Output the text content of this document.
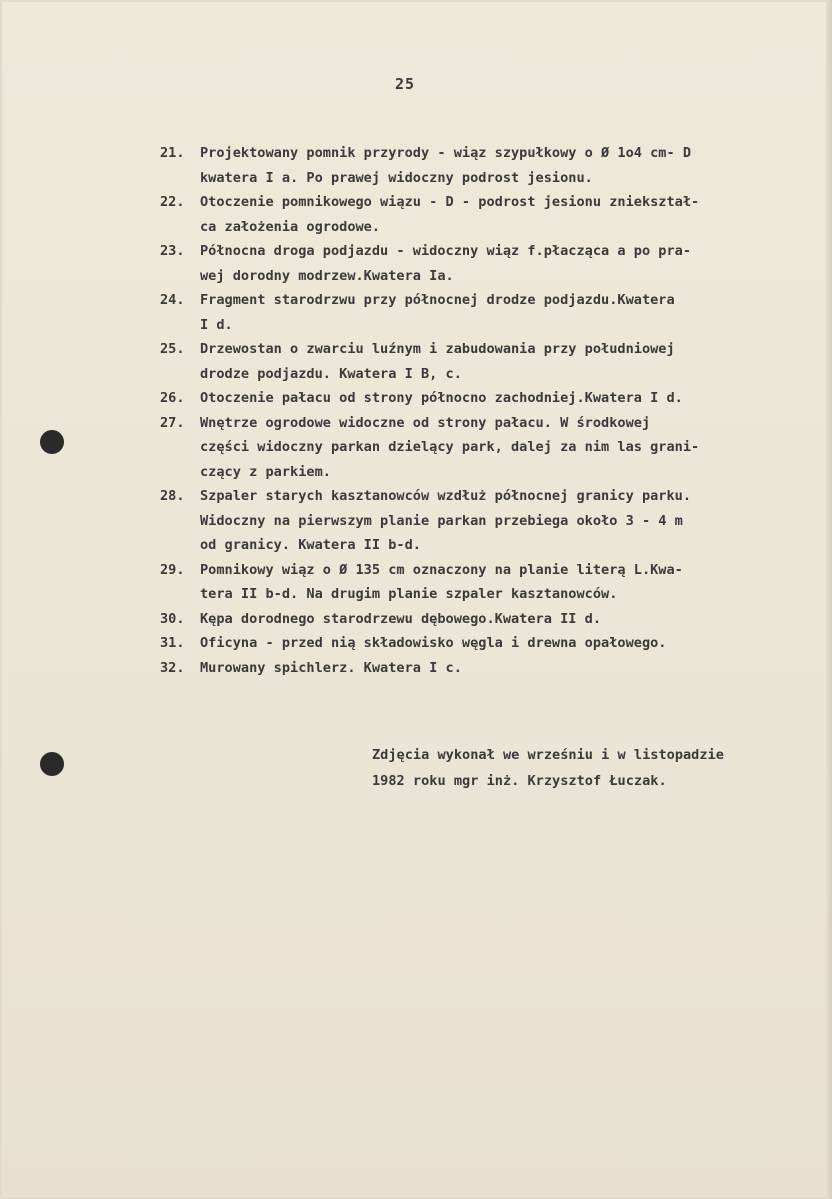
25
21.	Projektowany pomnik przyrody - wiąz szypułkowy o Ø 1o4 cm- D
kwatera I a. Po prawej widoczny podrost jesionu.
22.	Otoczenie pomnikowego wiązu - D - podrost jesionu zniekształ-
ca założenia ogrodowe.
23.	Północna droga podjazdu - widoczny wiąz f.płacząca a po pra-
wej dorodny modrzew.Kwatera Ia.
24.	Fragment starodrzwu przy północnej drodze podjazdu.Kwatera
I d.
25.	Drzewostan o zwarciu luźnym i zabudowania przy południowej
drodze podjazdu. Kwatera I B, c.
26.	Otoczenie pałacu od strony północno zachodniej.Kwatera I d.
27.	Wnętrze ogrodowe widoczne od strony pałacu. W środkowej
części widoczny parkan dzielący park, dalej za nim las grani-
czący z parkiem.
28.	Szpaler starych kasztanowców wzdłuż północnej granicy parku.
Widoczny na pierwszym planie parkan przebiega około 3 - 4 m
od granicy. Kwatera II b-d.
29.	Pomnikowy wiąz o Ø 135 cm oznaczony na planie literą L.Kwa-
tera II b-d. Na drugim planie szpaler kasztanowców.
30.	Kępa dorodnego starodrzewu dębowego.Kwatera II d.
31.	Oficyna - przed nią składowisko węgla i drewna opałowego.
32.	Murowany spichlerz. Kwatera I c.
Zdjęcia wykonał we wrześniu i w listopadzie
1982 roku mgr inż. Krzysztof Łuczak.
